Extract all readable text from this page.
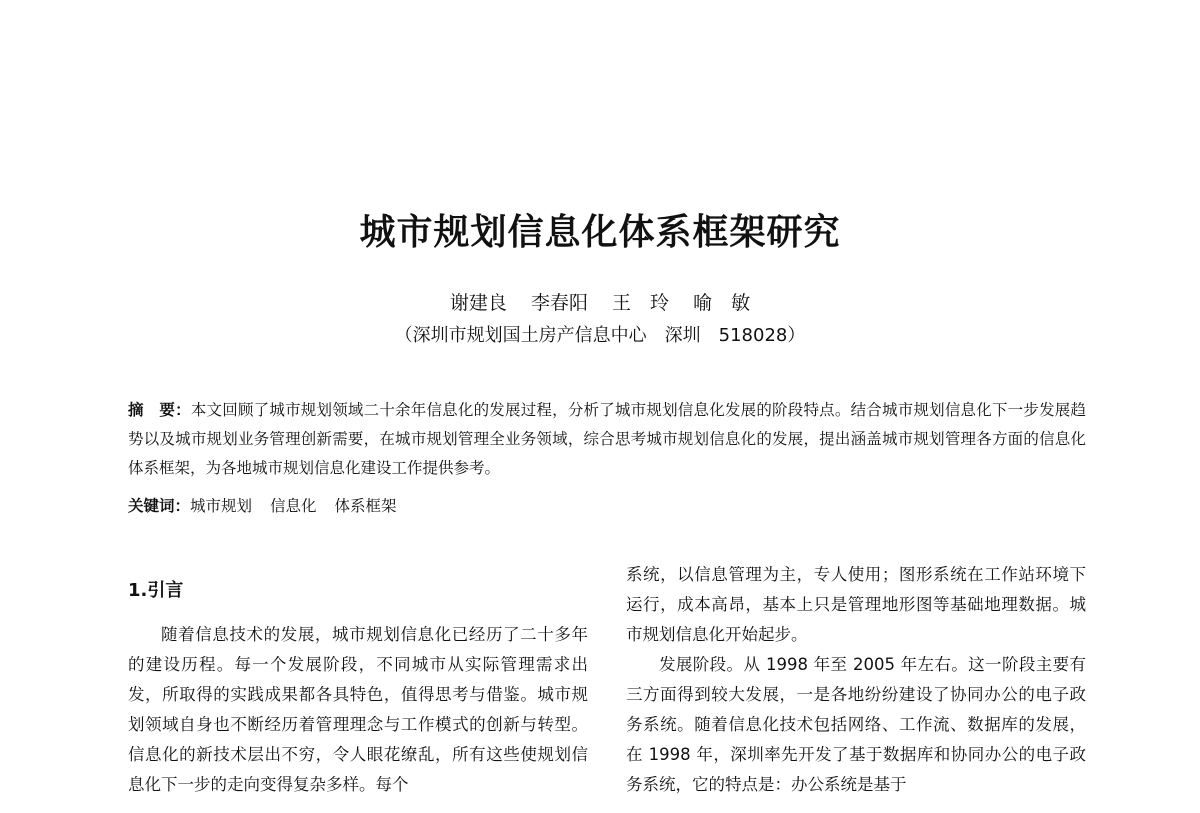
城市规划信息化体系框架研究
谢建良 李春阳 王　玲 喻　敏
（深圳市规划国土房产信息中心　深圳　518028）
摘　要：本文回顾了城市规划领域二十余年信息化的发展过程，分析了城市规划信息化发展的阶段特点。结合城市规划信息化下一步发展趋势以及城市规划业务管理创新需要，在城市规划管理全业务领域，综合思考城市规划信息化的发展，提出涵盖城市规划管理各方面的信息化体系框架，为各地城市规划信息化建设工作提供参考。
关键词：城市规划 信息化 体系框架
1.引言

随着信息技术的发展，城市规划信息化已经历了二十多年的建设历程。每一个发展阶段，不同城市从实际管理需求出发，所取得的实践成果都各具特色，值得思考与借鉴。城市规划领域自身也不断经历着管理理念与工作模式的创新与转型。信息化的新技术层出不穷，令人眼花缭乱，所有这些使规划信息化下一步的走向变得复杂多样。每个

系统，以信息管理为主，专人使用；图形系统在工作站环境下运行，成本高昂，基本上只是管理地形图等基础地理数据。城市规划信息化开始起步。

发展阶段。从 1998 年至 2005 年左右。这一阶段主要有三方面得到较大发展，一是各地纷纷建设了协同办公的电子政务系统。随着信息化技术包括网络、工作流、数据库的发展，在 1998 年，深圳率先开发了基于数据库和协同办公的电子政务系统，它的特点是：办公系统是基于
